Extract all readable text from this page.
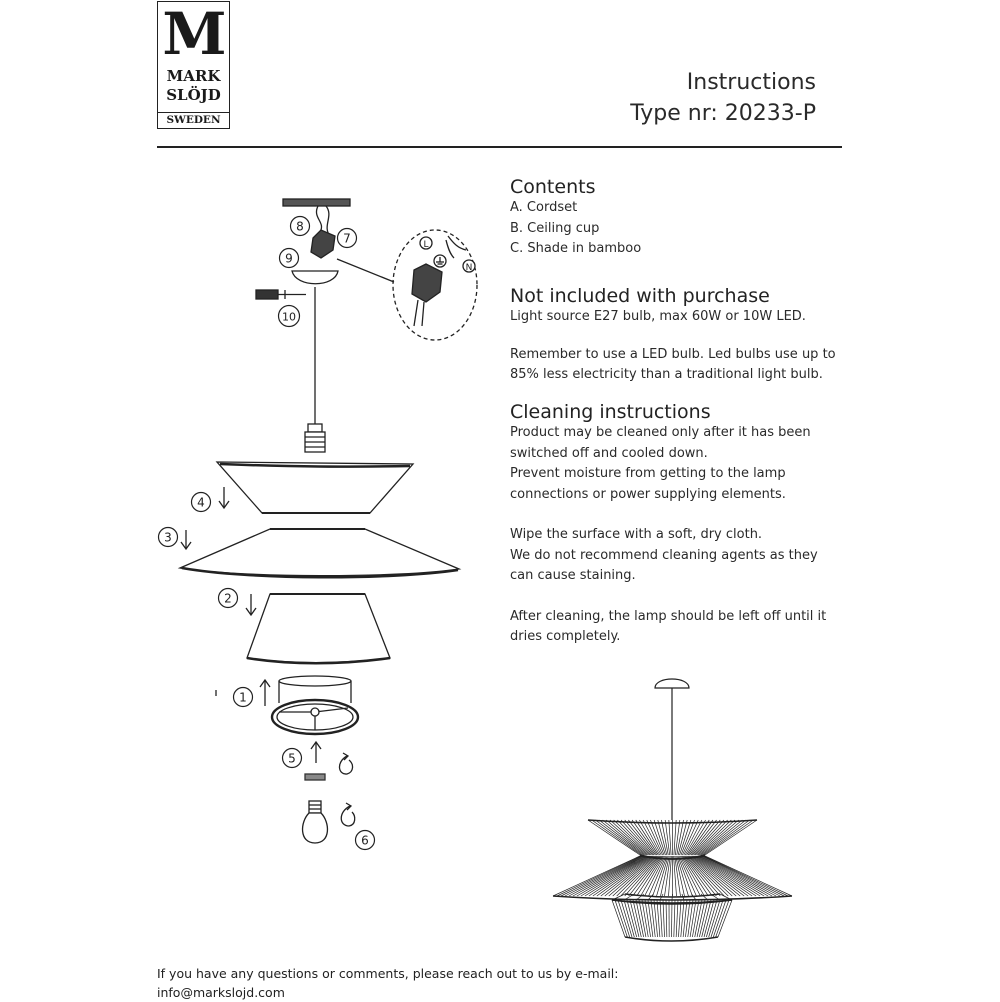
M
MARK
SLÖJD
SWEDEN
Instructions
Type nr: 20233-P
Contents

A. Cordset

B. Ceiling cup

C. Shade in bamboo

Not included with purchase

Light source E27 bulb, max 60W or 10W LED.

Remember to use a LED bulb. Led bulbs use up to

85% less electricity than a traditional light bulb.

Cleaning instructions

Product may be cleaned only after it has been

switched off and cooled down.

Prevent moisture from getting to the lamp

connections or power supplying elements.

Wipe the surface with a soft, dry cloth.

We do not recommend cleaning agents as they

can cause staining.

After cleaning, the lamp should be left off until it

dries completely.

1
2
3
4
5
6
7
8
9
10
L
N

If you have any questions or comments, please reach out to us by e-mail:

info@markslojd.com
